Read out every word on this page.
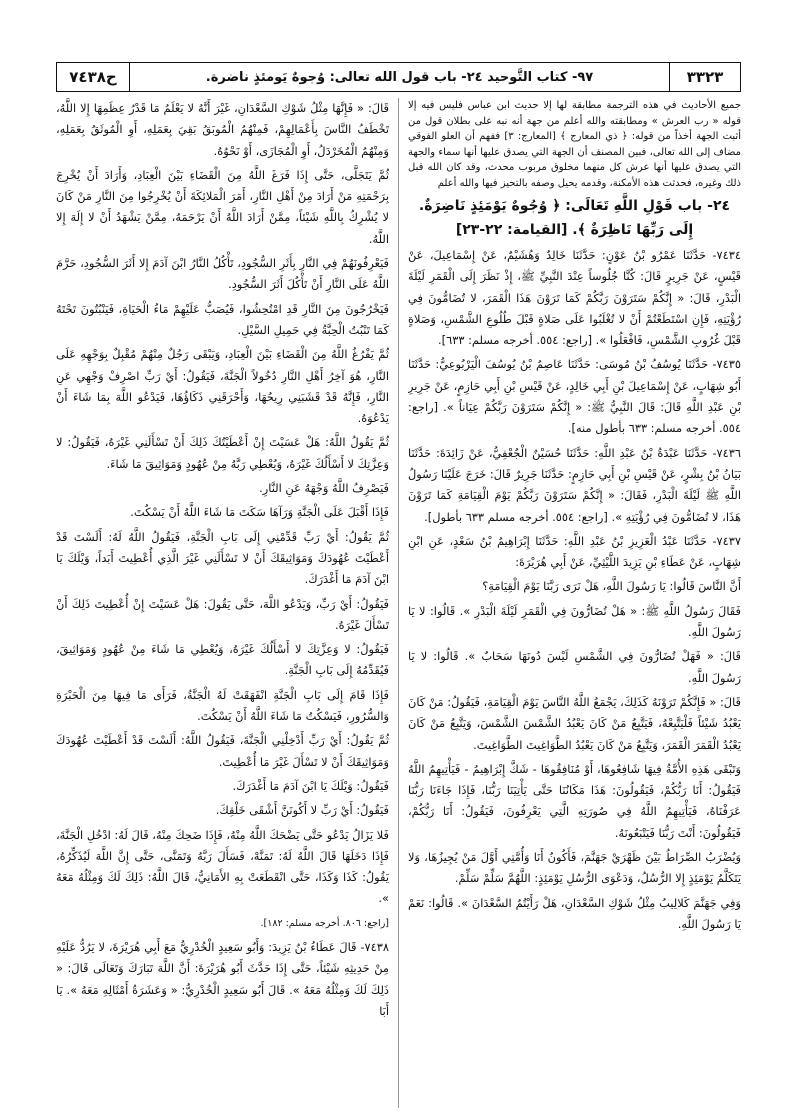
٣٣٢٣
٩٧- كتاب التَّوحيد ٢٤- باب قول الله تعالى: وُجوهٌ يَومئذٍ ناضرة.
ح٧٤٣٨

جميع الأحاديث في هذه الترجمة مطابقة لها إلا حديث ابن عباس فليس فيه إلا قوله « رب العرش » ومطابقته والله أعلم من جهة أنه نبه على بطلان قول من أثبت الجهة أخذاً من قوله: ﴿ ذي المعارج ﴾ [المعارج: ٣] ففهم أن العلو الفوقي مضاف إلى الله تعالى، فبين المصنف أن الجهة التي يصدق عليها أنها سماء والجهة التي يصدق عليها أنها عرش كل منهما مخلوق مربوب محدث، وقد كان الله قبل ذلك وغيره، فحدثت هذه الأمكنة، وقدمه يحيل وصفه بالتحيز فيها والله أعلم

٢٤- باب قَوْلِ اللَّهِ تَعَالَى: ﴿ وُجُوهٌ يَوْمَئِذٍ نَاضِرَةٌ. إِلَى رَبِّهَا نَاظِرَةٌ ﴾. [القيامة: ٢٢-٢٣]

٧٤٣٤- حَدَّثَنَا عَمْرُو بْنُ عَوْنٍ: حَدَّثَنَا خَالِدٌ وَهُشَيْمٌ، عَنْ إِسْمَاعِيلَ، عَنْ قَيْسٍ، عَنْ جَرِيرٍ قَالَ: كُنَّا جُلُوساً عِنْدَ النَّبِيِّ ﷺ، إِذْ نَظَرَ إِلَى الْقَمَرِ لَيْلَةَ الْبَدْرِ، قَالَ: « إِنَّكُمْ سَتَرَوْنَ رَبَّكُمْ كَمَا تَرَوْنَ هَذَا الْقَمَرَ، لا تُضَامُّونَ فِي رُؤْيَتِهِ، فَإِنِ اسْتَطَعْتُمْ أَنْ لا تُغْلَبُوا عَلَى صَلاةٍ قَبْلَ طُلُوعِ الشَّمْسِ، وَصَلاةٍ قَبْلَ غُرُوبِ الشَّمْسِ، فَافْعَلُوا ». [راجع: ٥٥٤. أخرجه مسلم: ٦٣٣].

٧٤٣٥- حَدَّثَنَا يُوسُفُ بْنُ مُوسَى: حَدَّثَنَا عَاصِمُ بْنُ يُوسُفَ الْيَرْبُوعِيُّ: حَدَّثَنَا أَبُو شِهَابٍ، عَنْ إِسْمَاعِيلَ بْنِ أَبِي خَالِدٍ، عَنْ قَيْسِ بْنِ أَبِي حَازِمٍ، عَنْ جَرِيرِ بْنِ عَبْدِ اللَّهِ قَالَ: قَالَ النَّبِيُّ ﷺ: « إِنَّكُمْ سَتَرَوْنَ رَبَّكُمْ عِيَاناً ». [راجع: ٥٥٤. أخرجه مسلم: ٦٣٣ بأطول منه].

٧٤٣٦- حَدَّثَنَا عَبْدَةُ بْنُ عَبْدِ اللَّهِ: حَدَّثَنَا حُسَيْنٌ الْجُعْفِيُّ، عَنْ زَائِدَةَ: حَدَّثَنَا بَيَانُ بْنُ بِشْرٍ، عَنْ قَيْسِ بْنِ أَبِي حَازِمٍ: حَدَّثَنَا جَرِيرٌ قَالَ: خَرَجَ عَلَيْنَا رَسُولُ اللَّهِ ﷺ لَيْلَةَ الْبَدْرِ، فَقَالَ: « إِنَّكُمْ سَتَرَوْنَ رَبَّكُمْ يَوْمَ الْقِيَامَةِ كَمَا تَرَوْنَ هَذَا، لا تُضَامُّونَ فِي رُؤْيَتِهِ ». [راجع: ٥٥٤. أخرجه مسلم ٦٣٣ بأطول].

٧٤٣٧- حَدَّثَنَا عَبْدُ الْعَزِيزِ بْنُ عَبْدِ اللَّهِ: حَدَّثَنَا إِبْرَاهِيمُ بْنُ سَعْدٍ، عَنِ ابْنِ شِهَابٍ، عَنْ عَطَاءِ بْنِ يَزِيدَ اللَّيْثِيِّ، عَنْ أَبِي هُرَيْرَةَ:

أَنَّ النَّاسَ قَالُوا: يَا رَسُولَ اللَّهِ، هَلْ نَرَى رَبَّنَا يَوْمَ الْقِيَامَةِ؟

فَقَالَ رَسُولُ اللَّهِ ﷺ: « هَلْ تُضَارُّونَ فِي الْقَمَرِ لَيْلَةَ الْبَدْرِ ». قَالُوا: لا يَا رَسُولَ اللَّهِ.

قَالَ: « فَهَلْ تُضَارُّونَ فِي الشَّمْسِ لَيْسَ دُونَهَا سَحَابٌ ». قَالُوا: لا يَا رَسُولَ اللَّهِ.

قَالَ: « فَإِنَّكُمْ تَرَوْنَهُ كَذَلِكَ، يَجْمَعُ اللَّهُ النَّاسَ يَوْمَ الْقِيَامَةِ، فَيَقُولُ: مَنْ كَانَ يَعْبُدُ شَيْئاً فَلْيَتَّبِعْهُ، فَيَتَّبِعُ مَنْ كَانَ يَعْبُدُ الشَّمْسَ الشَّمْسَ، وَيَتَّبِعُ مَنْ كَانَ يَعْبُدُ الْقَمَرَ الْقَمَرَ، وَيَتَّبِعُ مَنْ كَانَ يَعْبُدُ الطَّوَاغِيتَ الطَّوَاغِيتَ.

وَتَبْقَى هَذِهِ الأُمَّةُ فِيهَا شَافِعُوهَا، أَوْ مُنَافِقُوهَا - شَكَّ إِبْرَاهِيمُ - فَيَأْتِيهِمُ اللَّهُ فَيَقُولُ: أَنَا رَبُّكُمْ، فَيَقُولُونَ: هَذَا مَكَانُنَا حَتَّى يَأْتِيَنَا رَبُّنَا، فَإِذَا جَاءَنَا رَبُّنَا عَرَفْنَاهُ، فَيَأْتِيهِمُ اللَّهُ فِي صُورَتِهِ الَّتِي يَعْرِفُونَ، فَيَقُولُ: أَنَا رَبُّكُمْ، فَيَقُولُونَ: أَنْتَ رَبُّنَا فَيَتْبَعُونَهُ.

وَيُضْرَبُ الصِّرَاطُ بَيْنَ ظَهْرَيْ جَهَنَّمَ، فَأَكُونُ أَنَا وَأُمَّتِي أَوَّلَ مَنْ يُجِيزُهَا، وَلا يَتَكَلَّمُ يَوْمَئِذٍ إِلا الرُّسُلُ، وَدَعْوَى الرُّسُلِ يَوْمَئِذٍ: اللَّهُمَّ سَلِّمْ سَلِّمْ.

وَفِي جَهَنَّمَ كَلالِيبُ مِثْلُ شَوْكِ السَّعْدَانِ، هَلْ رَأَيْتُمُ السَّعْدَانَ ». قَالُوا: نَعَمْ يَا رَسُولَ اللَّهِ.

قَالَ: « فَإِنَّهَا مِثْلُ شَوْكِ السَّعْدَانِ، غَيْرَ أَنَّهُ لا يَعْلَمُ مَا قَدْرُ عِظَمِهَا إِلا اللَّهُ، تَخْطَفُ النَّاسَ بِأَعْمَالِهِمْ، فَمِنْهُمُ الْمُوبَقُ بَقِيَ بِعَمَلِهِ، أَوِ الْمُوثَقُ بِعَمَلِهِ، وَمِنْهُمُ الْمُخَرْدَلُ، أَوِ الْمُجَازَى، أَوْ نَحْوُهُ.

ثُمَّ يَتَجَلَّى، حَتَّى إِذَا فَرَغَ اللَّهُ مِنَ الْقَضَاءِ بَيْنَ الْعِبَادِ، وَأَرَادَ أَنْ يُخْرِجَ بِرَحْمَتِهِ مَنْ أَرَادَ مِنْ أَهْلِ النَّارِ، أَمَرَ الْمَلائِكَةَ أَنْ يُخْرِجُوا مِنَ النَّارِ مَنْ كَانَ لا يُشْرِكُ بِاللَّهِ شَيْئاً، مِمَّنْ أَرَادَ اللَّهُ أَنْ يَرْحَمَهُ، مِمَّنْ يَشْهَدُ أَنْ لا إِلَهَ إِلا اللَّهُ.

فَيَعْرِفُونَهُمْ فِي النَّارِ بِأَثَرِ السُّجُودِ، تَأْكُلُ النَّارُ ابْنَ آدَمَ إِلا أَثَرَ السُّجُودِ، حَرَّمَ اللَّهُ عَلَى النَّارِ أَنْ تَأْكُلَ أَثَرَ السُّجُودِ.

فَيَخْرُجُونَ مِنَ النَّارِ قَدِ امْتُحِشُوا، فَيُصَبُّ عَلَيْهِمْ مَاءُ الْحَيَاةِ، فَيَنْبُتُونَ تَحْتَهُ كَمَا تَنْبُتُ الْحِبَّةُ فِي حَمِيلِ السَّيْلِ.

ثُمَّ يَفْرُغُ اللَّهُ مِنَ الْقَضَاءِ بَيْنَ الْعِبَادِ، وَيَبْقَى رَجُلٌ مِنْهُمْ مُقْبِلٌ بِوَجْهِهِ عَلَى النَّارِ، هُوَ آخِرُ أَهْلِ النَّارِ دُخُولاً الْجَنَّةَ، فَيَقُولُ: أَيْ رَبِّ اصْرِفْ وَجْهِي عَنِ النَّارِ، فَإِنَّهُ قَدْ قَشَبَنِي رِيحُهَا، وَأَحْرَقَنِي ذَكَاؤُهَا، فَيَدْعُو اللَّهَ بِمَا شَاءَ أَنْ يَدْعُوَهُ.

ثُمَّ يَقُولُ اللَّهُ: هَلْ عَسَيْتَ إِنْ أَعْطَيْتُكَ ذَلِكَ أَنْ تَسْأَلَنِي غَيْرَهُ، فَيَقُولُ: لا وَعِزَّتِكَ لا أَسْأَلُكَ غَيْرَهُ، وَيُعْطِي رَبَّهُ مِنْ عُهُودٍ وَمَوَاثِيقَ مَا شَاءَ.

فَيَصْرِفُ اللَّهُ وَجْهَهُ عَنِ النَّارِ.

فَإِذَا أَقْبَلَ عَلَى الْجَنَّةِ وَرَآهَا سَكَتَ مَا شَاءَ اللَّهُ أَنْ يَسْكُتَ.

ثُمَّ يَقُولُ: أَيْ رَبِّ قَدِّمْنِي إِلَى بَابِ الْجَنَّةِ، فَيَقُولُ اللَّهُ لَهُ: أَلَسْتَ قَدْ أَعْطَيْتَ عُهُودَكَ وَمَوَاثِيقَكَ أَنْ لا تَسْأَلَنِي غَيْرَ الَّذِي أُعْطِيتَ أَبَداً، وَيْلَكَ يَا ابْنَ آدَمَ مَا أَغْدَرَكَ.

فَيَقُولُ: أَيْ رَبِّ، وَيَدْعُو اللَّهَ، حَتَّى يَقُولَ: هَلْ عَسَيْتَ إِنْ أُعْطِيتَ ذَلِكَ أَنْ تَسْأَلَ غَيْرَهُ.

فَيَقُولُ: لا وَعِزَّتِكَ لا أَسْأَلُكَ غَيْرَهُ، وَيُعْطِي مَا شَاءَ مِنْ عُهُودٍ وَمَوَاثِيقَ، فَيُقَدِّمُهُ إِلَى بَابِ الْجَنَّةِ.

فَإِذَا قَامَ إِلَى بَابِ الْجَنَّةِ انْفَهَقَتْ لَهُ الْجَنَّةُ، فَرَأَى مَا فِيهَا مِنَ الْحَبْرَةِ وَالسُّرُورِ، فَيَسْكُتُ مَا شَاءَ اللَّهُ أَنْ يَسْكُتَ.

ثُمَّ يَقُولُ: أَيْ رَبِّ أَدْخِلْنِي الْجَنَّةَ، فَيَقُولُ اللَّهُ: أَلَسْتَ قَدْ أَعْطَيْتَ عُهُودَكَ وَمَوَاثِيقَكَ أَنْ لا تَسْأَلَ غَيْرَ مَا أُعْطِيتَ.

فَيَقُولُ: وَيْلَكَ يَا ابْنَ آدَمَ مَا أَغْدَرَكَ.

فَيَقُولُ: أَيْ رَبِّ لا أَكُونَنَّ أَشْقَى خَلْقِكَ.

فَلا يَزَالُ يَدْعُو حَتَّى يَضْحَكَ اللَّهُ مِنْهُ، فَإِذَا ضَحِكَ مِنْهُ، قَالَ لَهُ: ادْخُلِ الْجَنَّةَ، فَإِذَا دَخَلَهَا قَالَ اللَّهُ لَهُ: تَمَنَّهْ، فَسَأَلَ رَبَّهُ وَتَمَنَّى، حَتَّى إِنَّ اللَّهَ لَيُذَكِّرُهُ، يَقُولُ: كَذَا وَكَذَا، حَتَّى انْقَطَعَتْ بِهِ الأَمَانِيُّ، قَالَ اللَّهُ: ذَلِكَ لَكَ وَمِثْلُهُ مَعَهُ ».

[راجع: ٨٠٦. أخرجه مسلم: ١٨٢].

٧٤٣٨- قَالَ عَطَاءُ بْنُ يَزِيدَ: وَأَبُو سَعِيدٍ الْخُدْرِيُّ مَعَ أَبِي هُرَيْرَةَ، لا يَرُدُّ عَلَيْهِ مِنْ حَدِيثِهِ شَيْئاً، حَتَّى إِذَا حَدَّثَ أَبُو هُرَيْرَةَ: أَنَّ اللَّهَ تَبَارَكَ وَتَعَالَى قَالَ: « ذَلِكَ لَكَ وَمِثْلُهُ مَعَهُ ». قَالَ أَبُو سَعِيدٍ الْخُدْرِيُّ: « وَعَشَرَةُ أَمْثَالِهِ مَعَهُ ». يَا أَبَا
